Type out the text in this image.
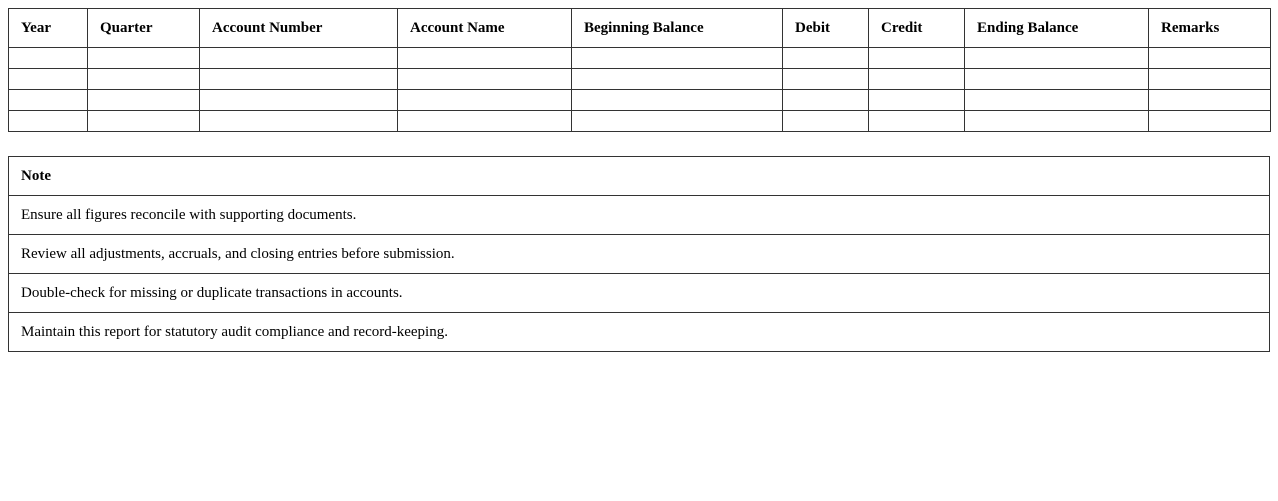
Year	Quarter	Account Number	Account Name	Beginning Balance	Debit	Credit	Ending Balance	Remarks

Note
Ensure all figures reconcile with supporting documents.
Review all adjustments, accruals, and closing entries before submission.
Double-check for missing or duplicate transactions in accounts.
Maintain this report for statutory audit compliance and record-keeping.
